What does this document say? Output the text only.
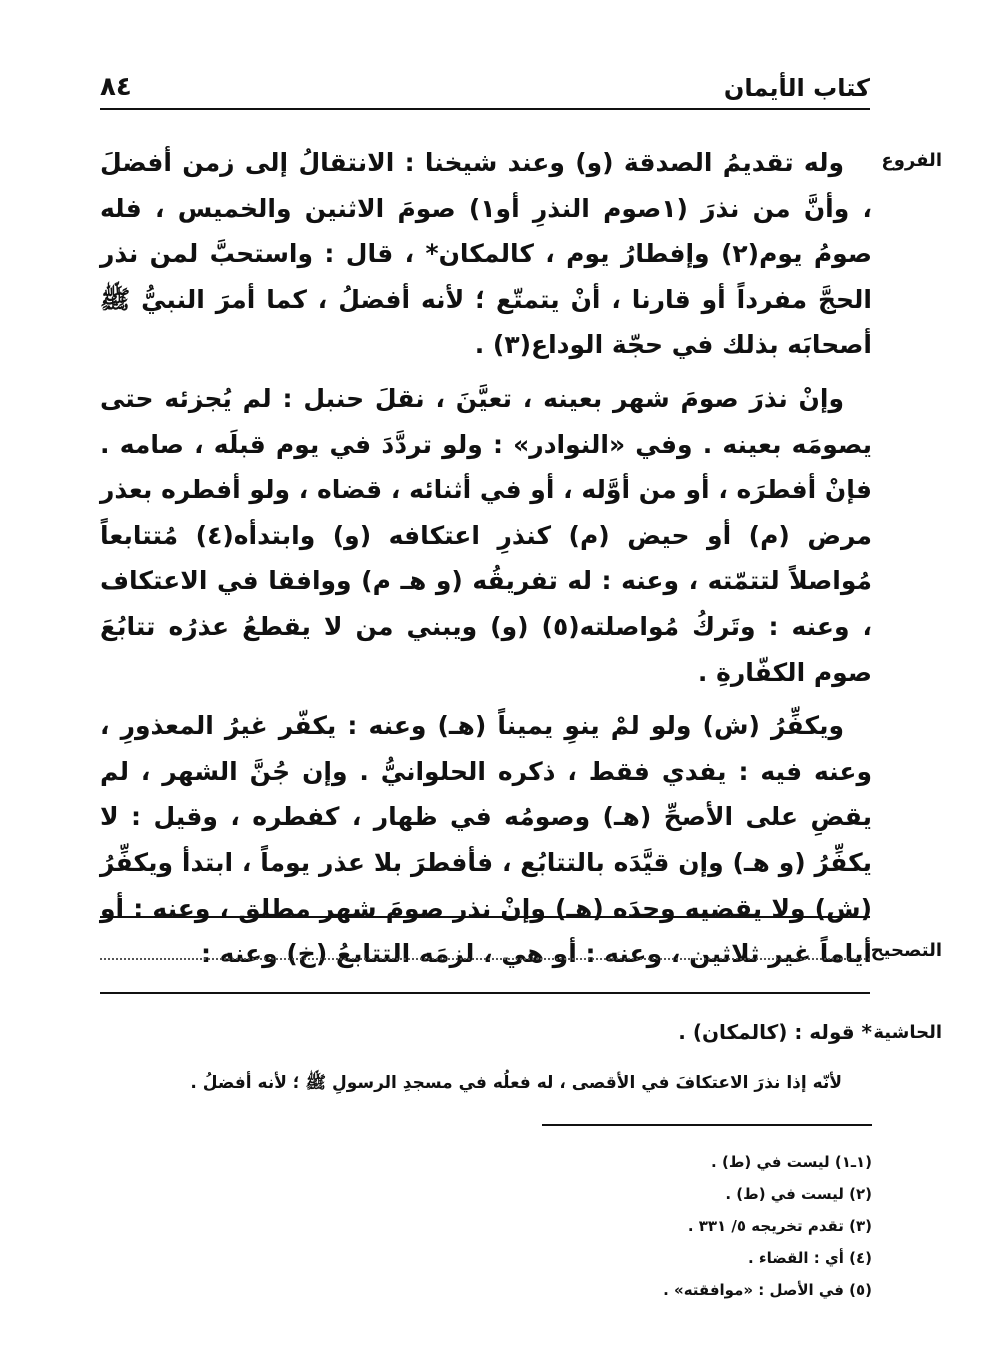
كتاب الأيمان
٨٤
الفروع
التصحيح
الحاشية

وله تقديمُ الصدقة (و) وعند شيخنا : الانتقالُ إلى زمن أفضلَ ، وأنَّ من نذرَ (١صوم النذرِ أو١) صومَ الاثنين والخميس ، فله صومُ يوم(٢) وإفطارُ يوم ، كالمكان* ، قال : واستحبَّ لمن نذر الحجَّ مفرداً أو قارنا ، أنْ يتمتّع ؛ لأنه أفضلُ ، كما أمرَ النبيُّ ﷺ أصحابَه بذلك في حجّة الوداع(٣) .

وإنْ نذرَ صومَ شهر بعينه ، تعيَّنَ ، نقلَ حنبل : لم يُجزئه حتى يصومَه بعينه . وفي «النوادر» : ولو تردَّدَ في يوم قبلَه ، صامه . فإنْ أفطرَه ، أو من أوَّله ، أو في أثنائه ، قضاه ، ولو أفطره بعذر مرض (م) أو حيض (م) كنذرِ اعتكافه (و) وابتدأه(٤) مُتتابعاً مُواصلاً لتتمّته ، وعنه : له تفريقُه (و هـ م) ووافقا في الاعتكاف ، وعنه : وتَركُ مُواصلته(٥) (و) ويبني من لا يقطعُ عذرُه تتابُعَ صوم الكفّارةِ .

ويكفِّرُ (ش) ولو لمْ ينوِ يميناً (هـ) وعنه : يكفّر غيرُ المعذورِ ، وعنه فيه : يفدي فقط ، ذكره الحلوانيُّ . وإن جُنَّ الشهر ، لم يقضِ على الأصحِّ (هـ) وصومُه في ظهار ، كفطره ، وقيل : لا يكفِّرُ (و هـ) وإن قيَّدَه بالتتابُع ، فأفطرَ بلا عذر يوماً ، ابتدأ ويكفِّرُ (ش) ولا يقضيه وحدَه (هـ) وإنْ نذر صومَ شهر مطلق ، وعنه : أو أياماً غير ثلاثين ، وعنه : أو هي ، لزمَه التتابعُ (خ) وعنه :

* قوله : (كالمكان) .
لأنّه إذا نذرَ الاعتكافَ في الأقصى ، له فعلُه في مسجدِ الرسولِ ﷺ ؛ لأنه أفضلُ .
(١ـ١) ليست في (ط) .
(٢) ليست في (ط) .
(٣) تقدم تخريجه ٥/ ٣٣١ .
(٤) أي : القضاء .
(٥) في الأصل : «موافقته» .
